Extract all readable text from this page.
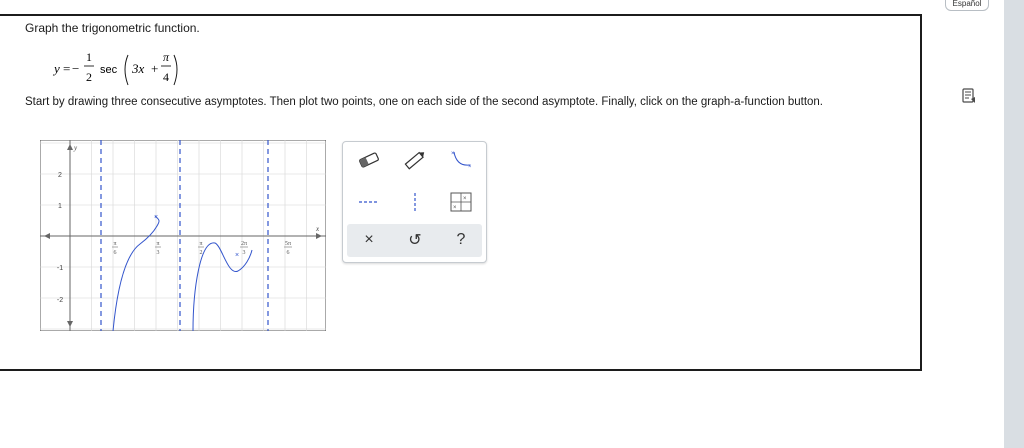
Español
Graph the trigonometric function.
y = −
1
2 sec 3x +
π
4
Start by drawing three consecutive asymptotes. Then plot two points, one on each side of the second asymptote. Finally, click on the graph-a-function button.
x
y
2
1
-1
-2
π
6
π
3
π
2
2π
3
5π
6
×
×
×
×
×
×
×	↺	?
